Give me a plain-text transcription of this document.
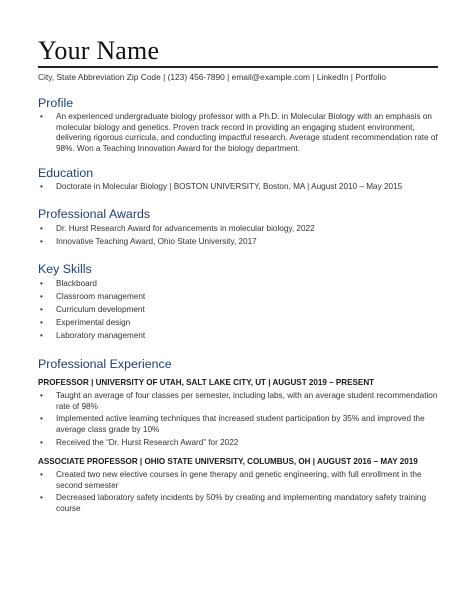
Your Name
City, State Abbreviation Zip Code | (123) 456-7890 | email@example.com | LinkedIn | Portfolio
Profile
• An experienced undergraduate biology professor with a Ph.D. in Molecular Biology with an emphasis on molecular biology and genetics. Proven track record in providing an engaging student environment, delivering rigorous curricula, and conducting impactful research. Average student recommendation rate of 98%. Won a Teaching Innovation Award for the biology department.
Education
• Doctorate in Molecular Biology | BOSTON UNIVERSITY, Boston, MA | August 2010 – May 2015
Professional Awards
• Dr. Hurst Research Award for advancements in molecular biology, 2022
• Innovative Teaching Award, Ohio State University, 2017
Key Skills
• Blackboard
• Classroom management
• Curriculum development
• Experimental design
• Laboratory management
Professional Experience
PROFESSOR | UNIVERSITY OF UTAH, SALT LAKE CITY, UT | AUGUST 2019 – PRESENT
• Taught an average of four classes per semester, including labs, with an average student recommendation rate of 98%
• Implemented active learning techniques that increased student participation by 35% and improved the average class grade by 10%
• Received the “Dr. Hurst Research Award” for 2022
ASSOCIATE PROFESSOR | OHIO STATE UNIVERSITY, COLUMBUS, OH | AUGUST 2016 – MAY 2019
• Created two new elective courses in gene therapy and genetic engineering, with full enrollment in the second semester
• Decreased laboratory safety incidents by 50% by creating and implementing mandatory safety training course
